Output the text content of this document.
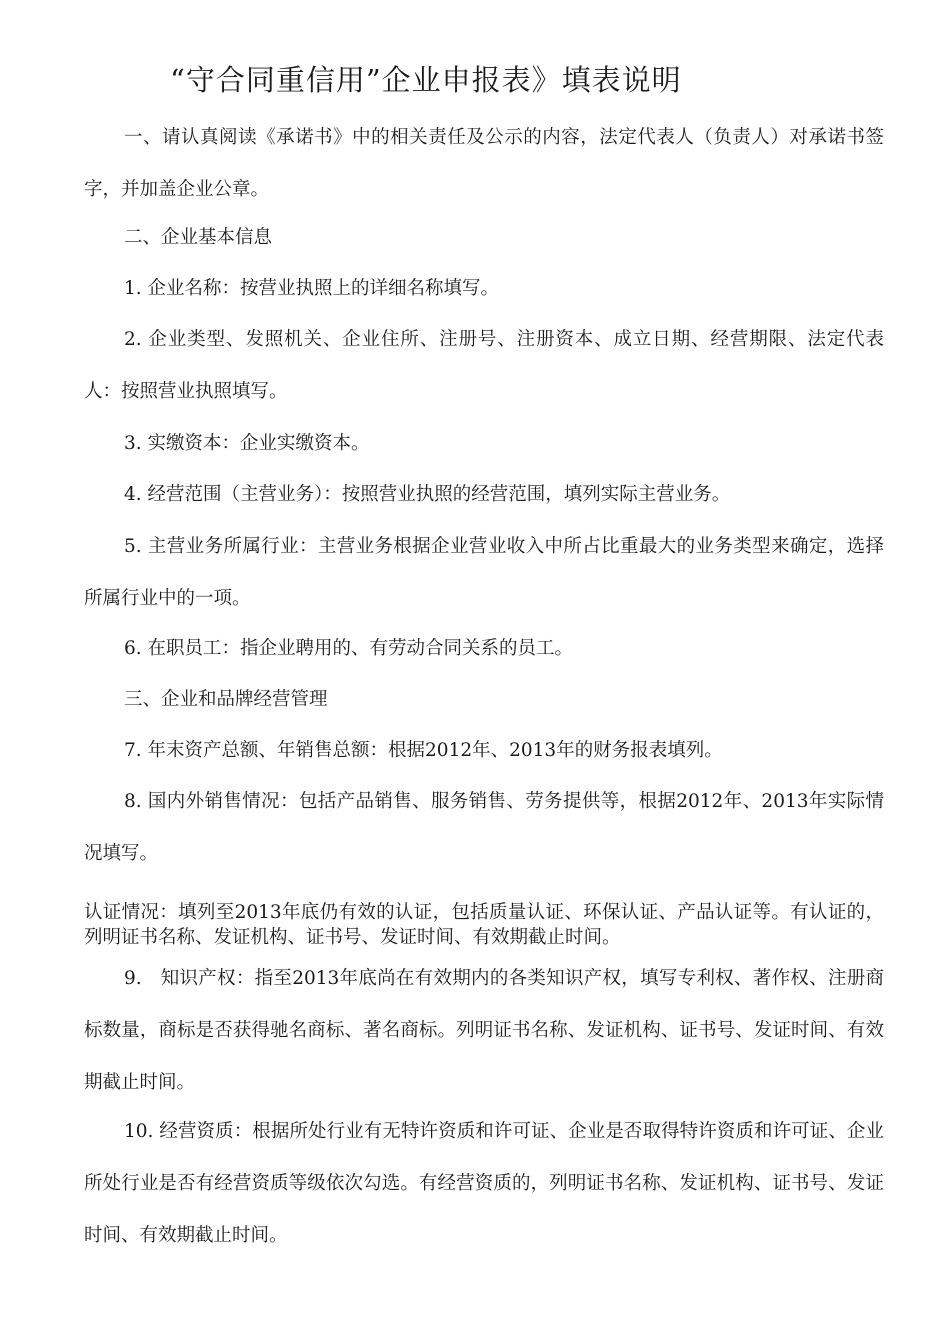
“守合同重信用”企业申报表》填表说明

一、请认真阅读《承诺书》中的相关责任及公示的内容，法定代表人（负责人）对承诺书签字，并加盖企业公章。

二、企业基本信息

1. 企业名称：按营业执照上的详细名称填写。

2. 企业类型、发照机关、企业住所、注册号、注册资本、成立日期、经营期限、法定代表人：按照营业执照填写。

3. 实缴资本：企业实缴资本。

4. 经营范围（主营业务）：按照营业执照的经营范围，填列实际主营业务。

5. 主营业务所属行业：主营业务根据企业营业收入中所占比重最大的业务类型来确定，选择所属行业中的一项。

6. 在职员工：指企业聘用的、有劳动合同关系的员工。

三、企业和品牌经营管理

7. 年末资产总额、年销售总额：根据2012年、2013年的财务报表填列。

8. 国内外销售情况：包括产品销售、服务销售、劳务提供等，根据2012年、2013年实际情况填写。

认证情况：填列至2013年底仍有效的认证，包括质量认证、环保认证、产品认证等。有认证的，列明证书名称、发证机构、证书号、发证时间、有效期截止时间。

9.　知识产权：指至2013年底尚在有效期内的各类知识产权，填写专利权、著作权、注册商标数量，商标是否获得驰名商标、著名商标。列明证书名称、发证机构、证书号、发证时间、有效期截止时间。

10. 经营资质：根据所处行业有无特许资质和许可证、企业是否取得特许资质和许可证、企业所处行业是否有经营资质等级依次勾选。有经营资质的，列明证书名称、发证机构、证书号、发证时间、有效期截止时间。
